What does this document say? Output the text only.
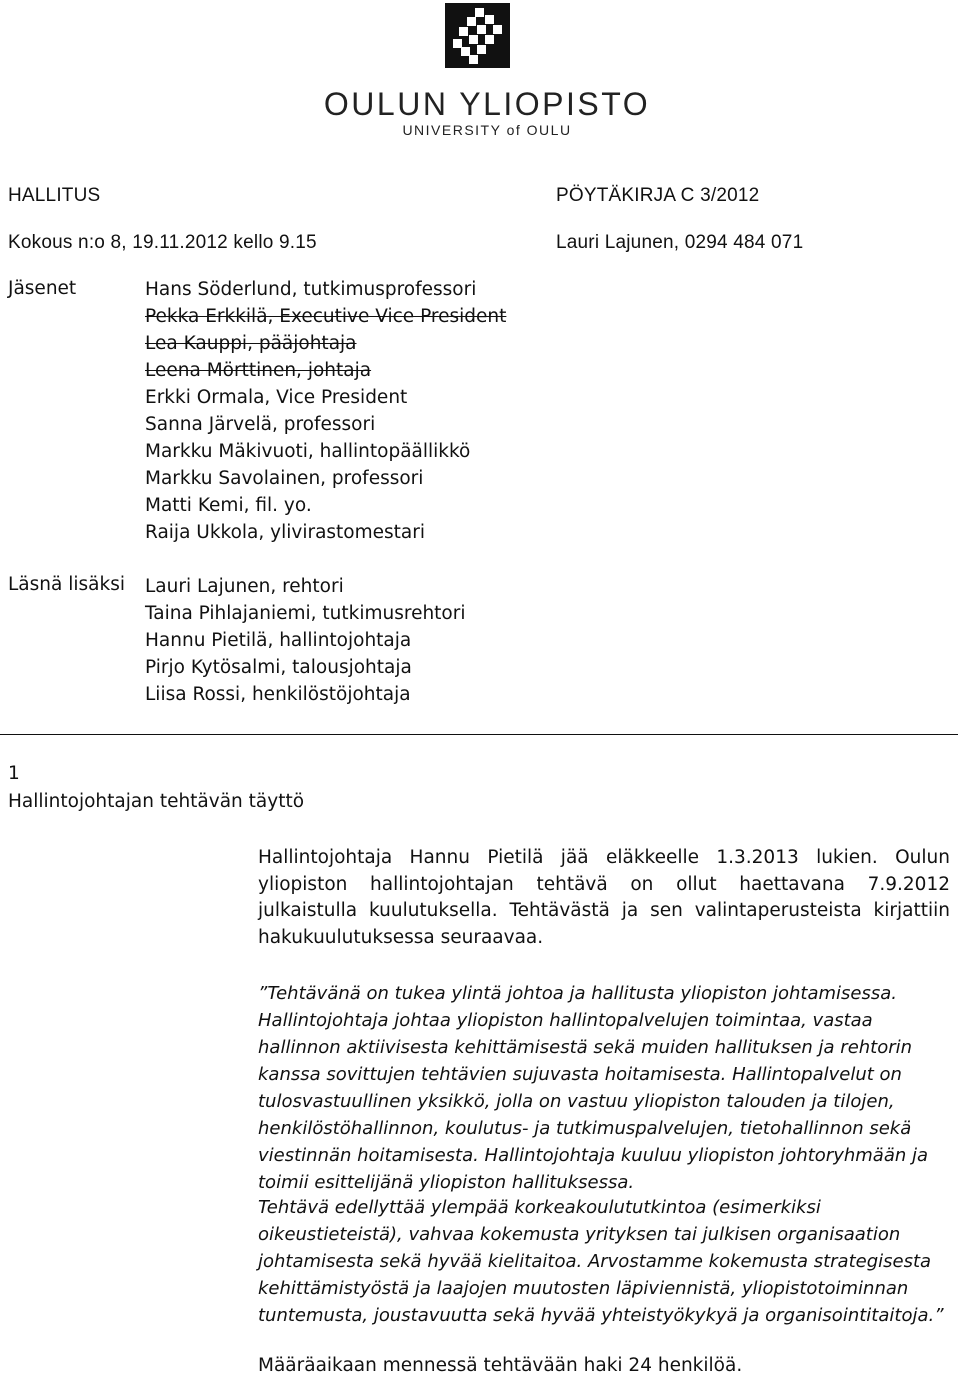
OULUN YLIOPISTO
UNIVERSITY of OULU
HALLITUS
Kokous n:o 8, 19.11.2012 kello 9.15
PÖYTÄKIRJA C 3/2012
Lauri Lajunen, 0294 484 071
Jäsenet	Hans Söderlund, tutkimusprofessori
Pekka Erkkilä, Executive Vice President
Lea Kauppi, pääjohtaja
Leena Mörttinen, johtaja
Erkki Ormala, Vice President
Sanna Järvelä, professori
Markku Mäkivuoti, hallintopäällikkö
Markku Savolainen, professori
Matti Kemi, fil. yo.
Raija Ukkola, ylivirastomestari
Läsnä lisäksi Lauri Lajunen, rehtori
Taina Pihlajaniemi, tutkimusrehtori
Hannu Pietilä, hallintojohtaja
Pirjo Kytösalmi, talousjohtaja
Liisa Rossi, henkilöstöjohtaja
1
Hallintojohtajan tehtävän täyttö

Hallintojohtaja Hannu Pietilä jää eläkkeelle 1.3.2013 lukien. Oulun yliopiston hallintojohtajan tehtävä on ollut haettavana 7.9.2012 julkaistulla kuulutuksella. Tehtävästä ja sen valintaperusteista kirjattiin hakukuulutuksessa seuraavaa.

”Tehtävänä on tukea ylintä johtoa ja hallitusta yliopiston johtamisessa. Hallintojohtaja johtaa yliopiston hallintopalvelujen toimintaa, vastaa hallinnon aktiivisesta kehittämisestä sekä muiden hallituksen ja rehtorin kanssa sovittujen tehtävien sujuvasta hoitamisesta. Hallintopalvelut on tulosvastuullinen yksikkö, jolla on vastuu yliopiston talouden ja tilojen, henkilöstöhallinnon, koulutus- ja tutkimuspalvelujen, tietohallinnon sekä viestinnän hoitamisesta. Hallintojohtaja kuuluu yliopiston johtoryhmään ja toimii esittelijänä yliopiston hallituksessa.

Tehtävä edellyttää ylempää korkeakoulututkintoa (esimerkiksi oikeustieteistä), vahvaa kokemusta yrityksen tai julkisen organisaation johtamisesta sekä hyvää kielitaitoa. Arvostamme kokemusta strategisesta kehittämistyöstä ja laajojen muutosten läpiviennistä, yliopistotoiminnan tuntemusta, joustavuutta sekä hyvää yhteistyökykyä ja organisointitaitoja.”

Määräaikaan mennessä tehtävään haki 24 henkilöä.
